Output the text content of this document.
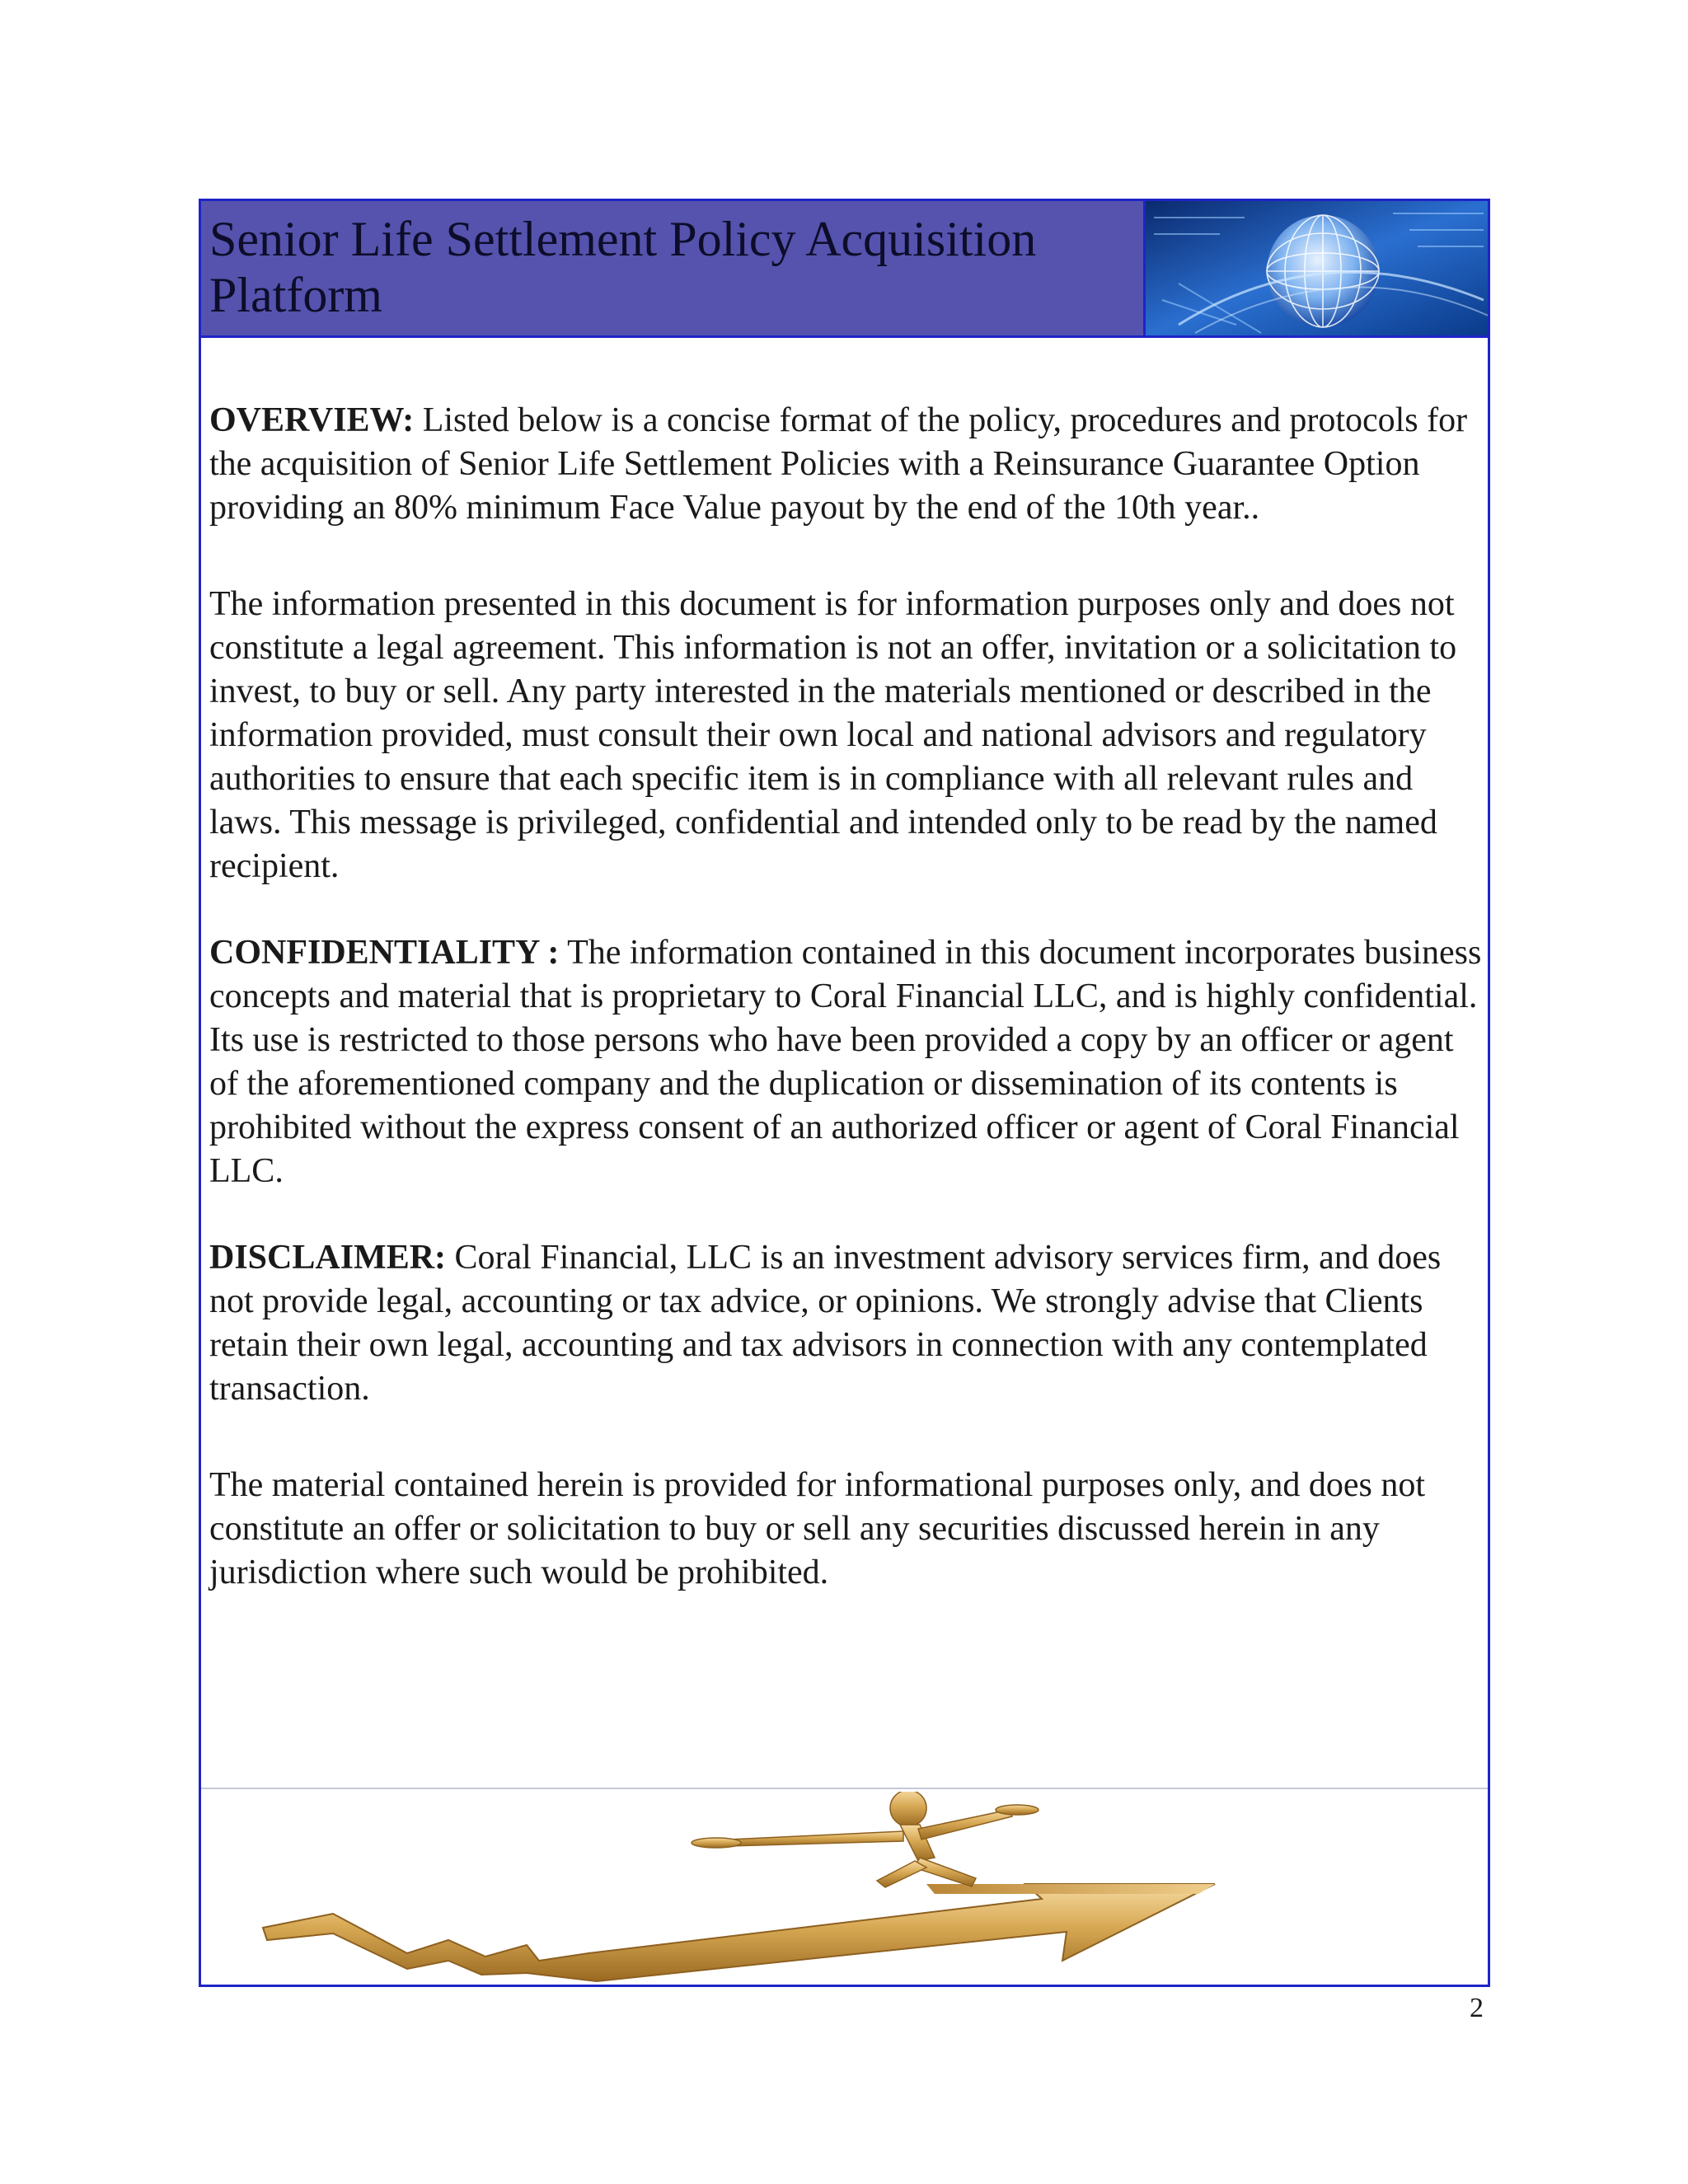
Senior Life Settlement Policy Acquisition Platform

OVERVIEW: Listed below is a concise format of the policy, procedures and protocols for the acquisition of Senior Life Settlement Policies with a Reinsurance Guarantee Option providing an 80% minimum Face Value payout by the end of the 10th year..

The information presented in this document is for information purposes only and does not constitute a legal agreement. This information is not an offer, invitation or a solicitation to invest, to buy or sell. Any party interested in the materials mentioned or described in the information provided, must consult their own local and national advisors and regulatory authorities to ensure that each specific item is in compliance with all relevant rules and laws. This message is privileged, confidential and intended only to be read by the named recipient.

CONFIDENTIALITY : The information contained in this document incorporates business concepts and material that is proprietary to Coral Financial LLC, and is highly confidential. Its use is restricted to those persons who have been provided a copy by an officer or agent of the aforementioned company and the duplication or dissemination of its contents is prohibited without the express consent of an authorized officer or agent of Coral Financial LLC.

DISCLAIMER: Coral Financial, LLC is an investment advisory services firm, and does not provide legal, accounting or tax advice, or opinions. We strongly advise that Clients retain their own legal, accounting and tax advisors in connection with any contemplated transaction.

The material contained herein is provided for informational purposes only, and does not constitute an offer or solicitation to buy or sell any securities discussed herein in any jurisdiction where such would be prohibited.

2
